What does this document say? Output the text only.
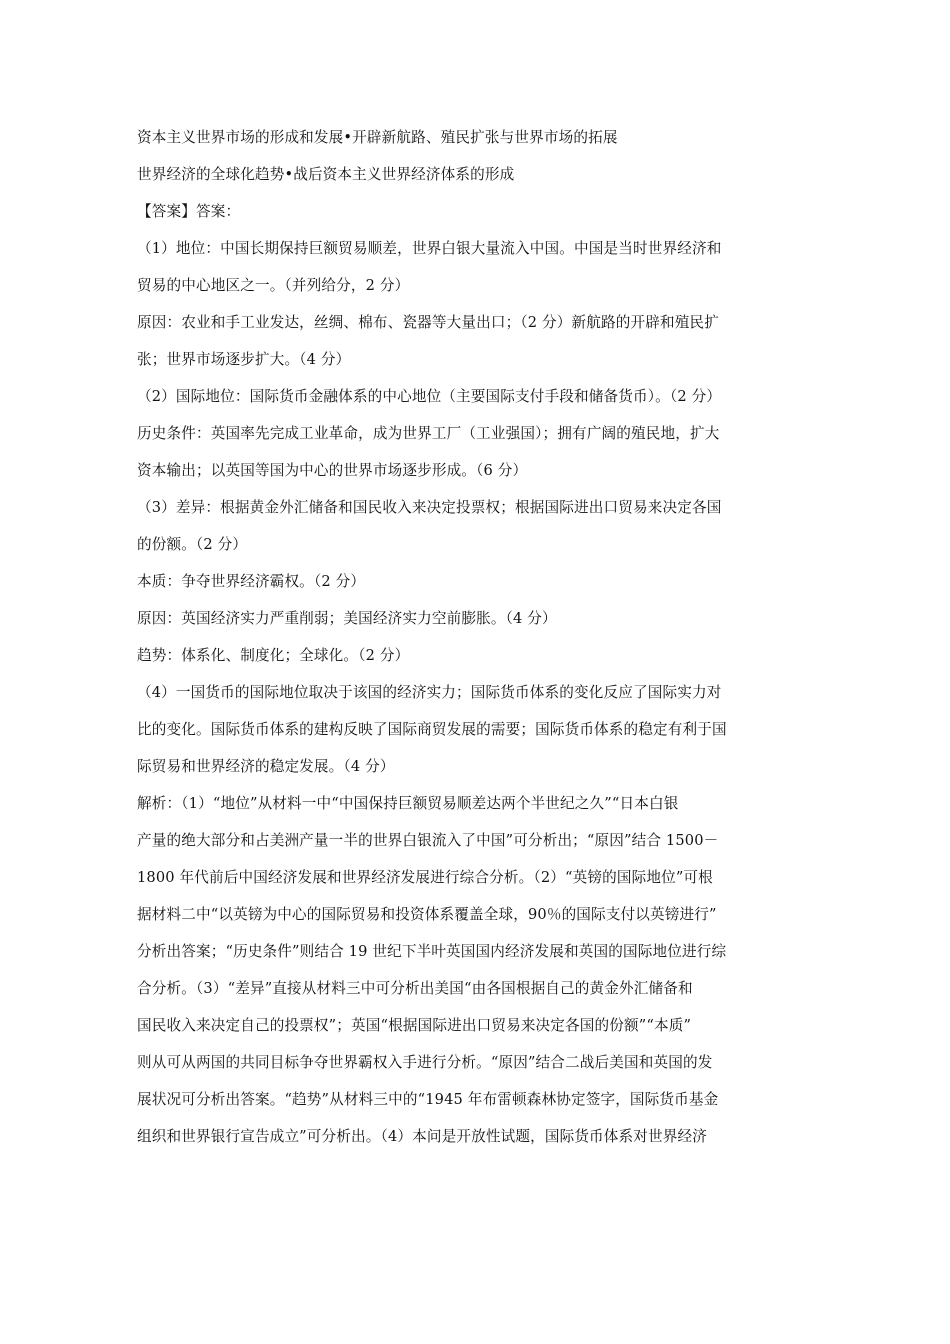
资本主义世界市场的形成和发展•开辟新航路、殖民扩张与世界市场的拓展
世界经济的全球化趋势•战后资本主义世界经济体系的形成
【答案】答案：
（1）地位：中国长期保持巨额贸易顺差，世界白银大量流入中国。中国是当时世界经济和
贸易的中心地区之一。（并列给分，2 分）
原因：农业和手工业发达，丝绸、棉布、瓷器等大量出口；（2 分）新航路的开辟和殖民扩
张；世界市场逐步扩大。（4 分）
（2）国际地位：国际货币金融体系的中心地位（主要国际支付手段和储备货币）。（2 分）
历史条件：英国率先完成工业革命，成为世界工厂（工业强国）；拥有广阔的殖民地，扩大
资本输出；以英国等国为中心的世界市场逐步形成。（6 分）
（3）差异：根据黄金外汇储备和国民收入来决定投票权；根据国际进出口贸易来决定各国
的份额。（2 分）
本质：争夺世界经济霸权。（2 分）
原因：英国经济实力严重削弱；美国经济实力空前膨胀。（4 分）
趋势：体系化、制度化；全球化。（2 分）
（4）一国货币的国际地位取决于该国的经济实力；国际货币体系的变化反应了国际实力对
比的变化。国际货币体系的建构反映了国际商贸发展的需要；国际货币体系的稳定有利于国
际贸易和世界经济的稳定发展。（4 分）
解析：（1）“地位”从材料一中“中国保持巨额贸易顺差达两个半世纪之久”“日本白银
产量的绝大部分和占美洲产量一半的世界白银流入了中国”可分析出；“原因”结合 1500－
1800 年代前后中国经济发展和世界经济发展进行综合分析。（2）“英镑的国际地位”可根
据材料二中“以英镑为中心的国际贸易和投资体系覆盖全球，90％的国际支付以英镑进行”
分析出答案；“历史条件”则结合 19 世纪下半叶英国国内经济发展和英国的国际地位进行综
合分析。（3）“差异”直接从材料三中可分析出美国“由各国根据自己的黄金外汇储备和
国民收入来决定自己的投票权”；英国“根据国际进出口贸易来决定各国的份额”“本质”
则从可从两国的共同目标争夺世界霸权入手进行分析。“原因”结合二战后美国和英国的发
展状况可分析出答案。“趋势”从材料三中的“1945 年布雷顿森林协定签字，国际货币基金
组织和世界银行宣告成立”可分析出。（4）本问是开放性试题，国际货币体系对世界经济
